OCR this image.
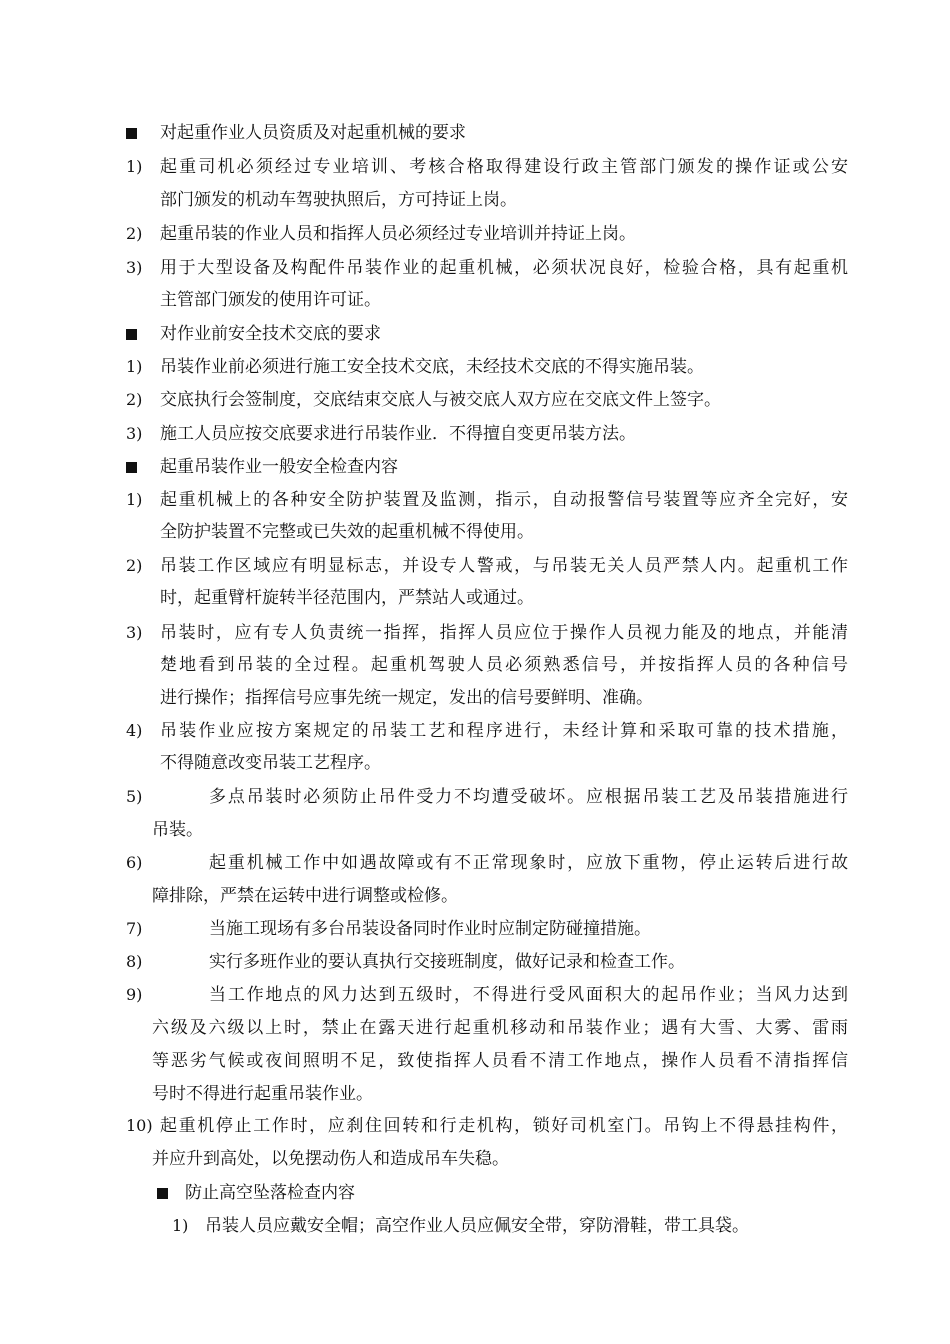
对起重作业人员资质及对起重机械的要求
1) 起重司机必须经过专业培训、考核合格取得建设行政主管部门颁发的操作证或公安
部门颁发的机动车驾驶执照后，方可持证上岗。
2) 起重吊装的作业人员和指挥人员必须经过专业培训并持证上岗。
3) 用于大型设备及构配件吊装作业的起重机械，必须状况良好，检验合格，具有起重机
主管部门颁发的使用许可证。
对作业前安全技术交底的要求
1) 吊装作业前必须进行施工安全技术交底，未经技术交底的不得实施吊装。
2) 交底执行会签制度，交底结束交底人与被交底人双方应在交底文件上签字。
3) 施工人员应按交底要求进行吊装作业．不得擅自变更吊装方法。
起重吊装作业一般安全检查内容
1) 起重机械上的各种安全防护装置及监测，指示，自动报警信号装置等应齐全完好，安
全防护装置不完整或已失效的起重机械不得使用。
2) 吊装工作区域应有明显标志，并设专人警戒，与吊装无关人员严禁人内。起重机工作
时，起重臂杆旋转半径范围内，严禁站人或通过。
3) 吊装时，应有专人负责统一指挥，指挥人员应位于操作人员视力能及的地点，并能清
楚地看到吊装的全过程。起重机驾驶人员必须熟悉信号，并按指挥人员的各种信号
进行操作；指挥信号应事先统一规定，发出的信号要鲜明、准确。
4) 吊装作业应按方案规定的吊装工艺和程序进行，未经计算和采取可靠的技术措施，
不得随意改变吊装工艺程序。
5)	多点吊装时必须防止吊件受力不均遭受破坏。应根据吊装工艺及吊装措施进行
吊装。
6)	起重机械工作中如遇故障或有不正常现象时，应放下重物，停止运转后进行故
障排除，严禁在运转中进行调整或检修。
7)	当施工现场有多台吊装设备同时作业时应制定防碰撞措施。
8)	实行多班作业的要认真执行交接班制度，做好记录和检查工作。
9)	当工作地点的风力达到五级时，不得进行受风面积大的起吊作业；当风力达到
六级及六级以上时，禁止在露天进行起重机移动和吊装作业；遇有大雪、大雾、雷雨
等恶劣气候或夜间照明不足，致使指挥人员看不清工作地点，操作人员看不清指挥信
号时不得进行起重吊装作业。
10) 起重机停止工作时，应刹住回转和行走机构，锁好司机室门。吊钩上不得悬挂构件，
并应升到高处，以免摆动伤人和造成吊车失稳。
防止高空坠落检查内容
1) 吊装人员应戴安全帽；高空作业人员应佩安全带，穿防滑鞋，带工具袋。
